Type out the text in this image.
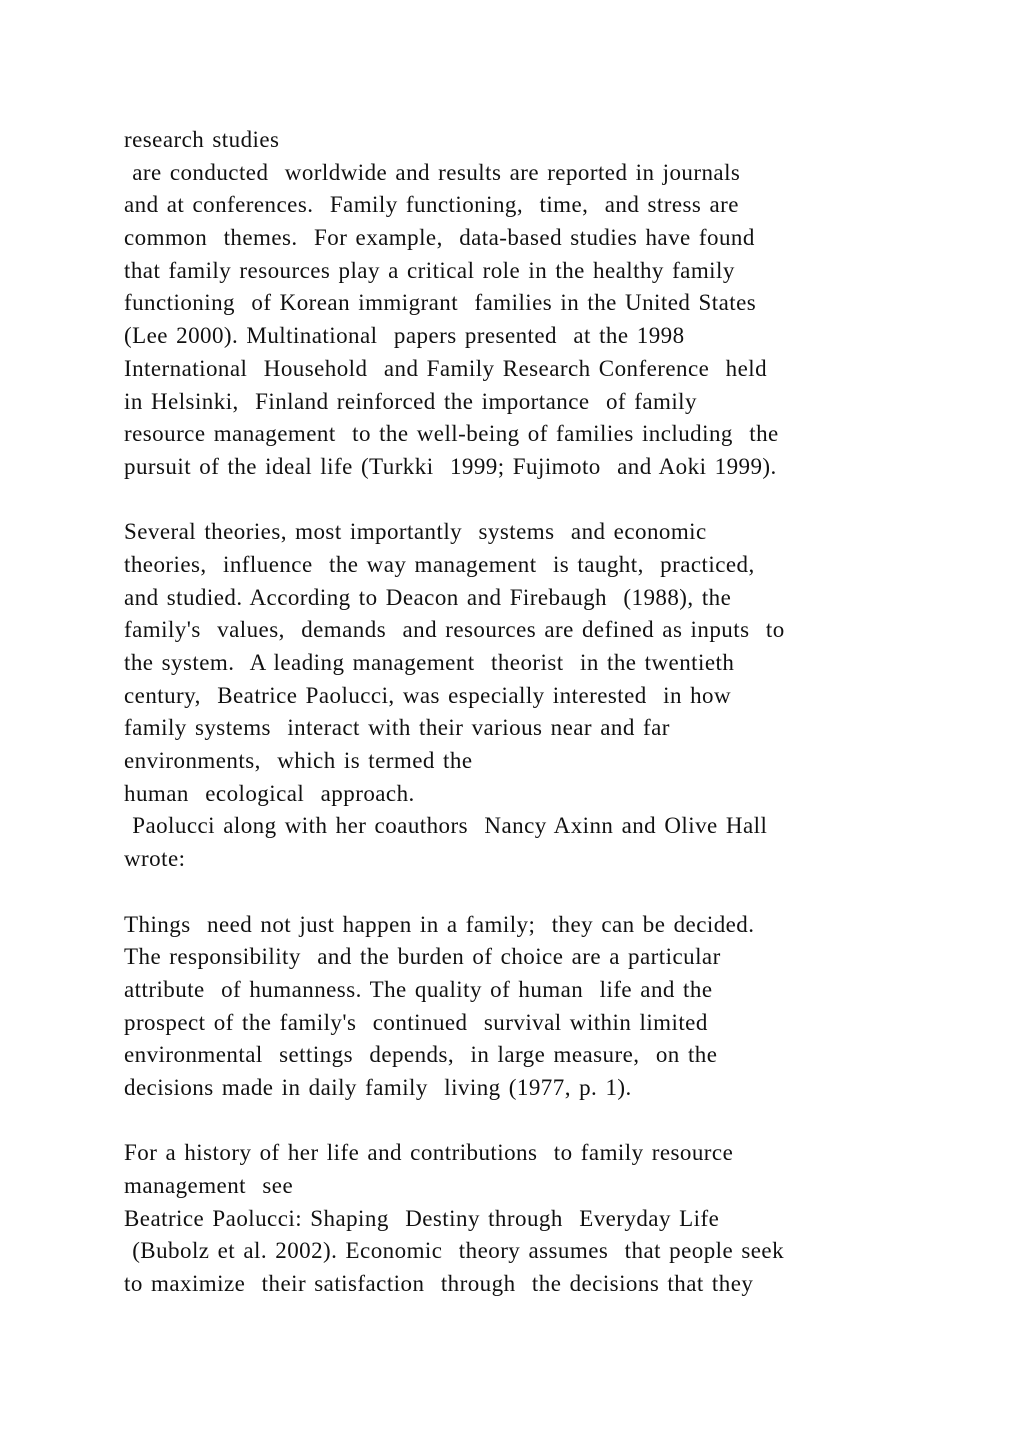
research studies
are conducted  worldwide and results are reported in journals
and at conferences.  Family functioning,  time,  and stress are
common  themes.  For example,  data-based studies have found
that family resources play a critical role in the healthy family
functioning  of Korean immigrant  families in the United States
(Lee 2000). Multinational  papers presented  at the 1998
International  Household  and Family Research Conference  held
in Helsinki,  Finland reinforced the importance  of family
resource management  to the well-being of families including  the
pursuit of the ideal life (Turkki  1999; Fujimoto  and Aoki 1999).
Several theories, most importantly  systems  and economic
theories,  influence  the way management  is taught,  practiced,
and studied. According to Deacon and Firebaugh  (1988), the
family's  values,  demands  and resources are defined as inputs  to
the system.  A leading management  theorist  in the twentieth
century,  Beatrice Paolucci, was especially interested  in how
family systems  interact with their various near and far
environments,  which is termed the
human  ecological  approach.
Paolucci along with her coauthors  Nancy Axinn and Olive Hall
wrote:
Things  need not just happen in a family;  they can be decided.
The responsibility  and the burden of choice are a particular
attribute  of humanness. The quality of human  life and the
prospect of the family's  continued  survival within limited
environmental  settings  depends,  in large measure,  on the
decisions made in daily family  living (1977, p. 1).
For a history of her life and contributions  to family resource
management  see
Beatrice Paolucci: Shaping  Destiny through  Everyday Life
(Bubolz et al. 2002). Economic  theory assumes  that people seek
to maximize  their satisfaction  through  the decisions that they
